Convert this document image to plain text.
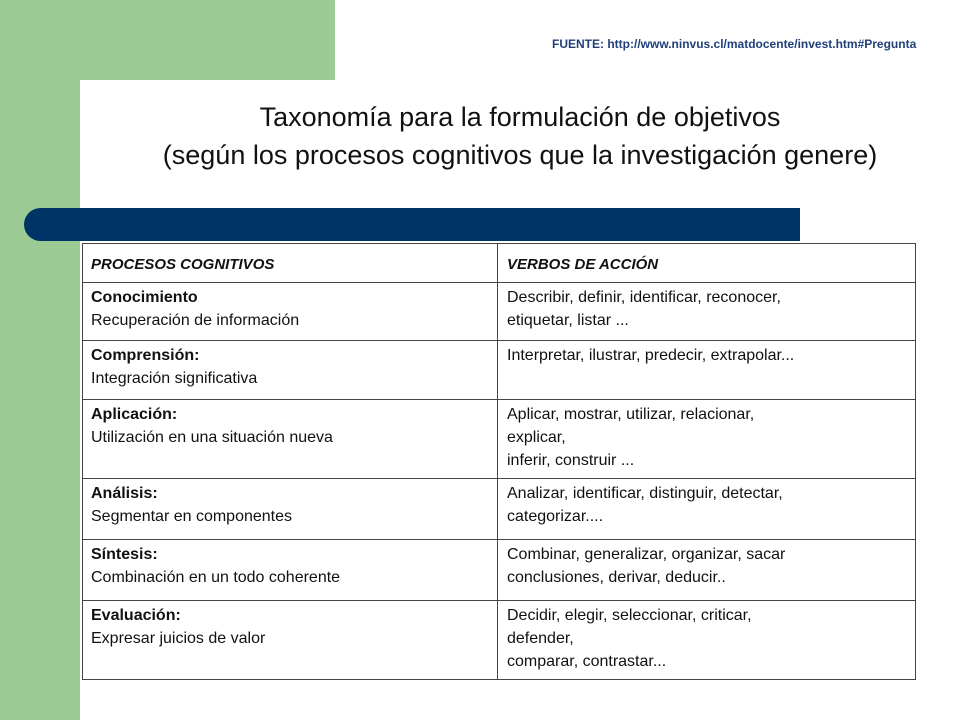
FUENTE: http://www.ninvus.cl/matdocente/invest.htm#Pregunta
Taxonomía para la formulación de objetivos
(según los procesos cognitivos que la investigación genere)
PROCESOS COGNITIVOS	VERBOS DE ACCIÓN

Conocimiento
Recuperación de información	Describir, definir, identificar, reconocer,
etiquetar, listar ...

Comprensión:
Integración significativa	Interpretar, ilustrar, predecir, extrapolar...

Aplicación:
Utilización en una situación nueva	Aplicar, mostrar, utilizar, relacionar,
explicar,
inferir, construir ...

Análisis:
Segmentar en componentes	Analizar, identificar, distinguir, detectar,
categorizar....

Síntesis:
Combinación en un todo coherente	Combinar, generalizar, organizar, sacar
conclusiones, derivar, deducir..

Evaluación:
Expresar juicios de valor	Decidir, elegir, seleccionar, criticar,
defender,
comparar, contrastar...
